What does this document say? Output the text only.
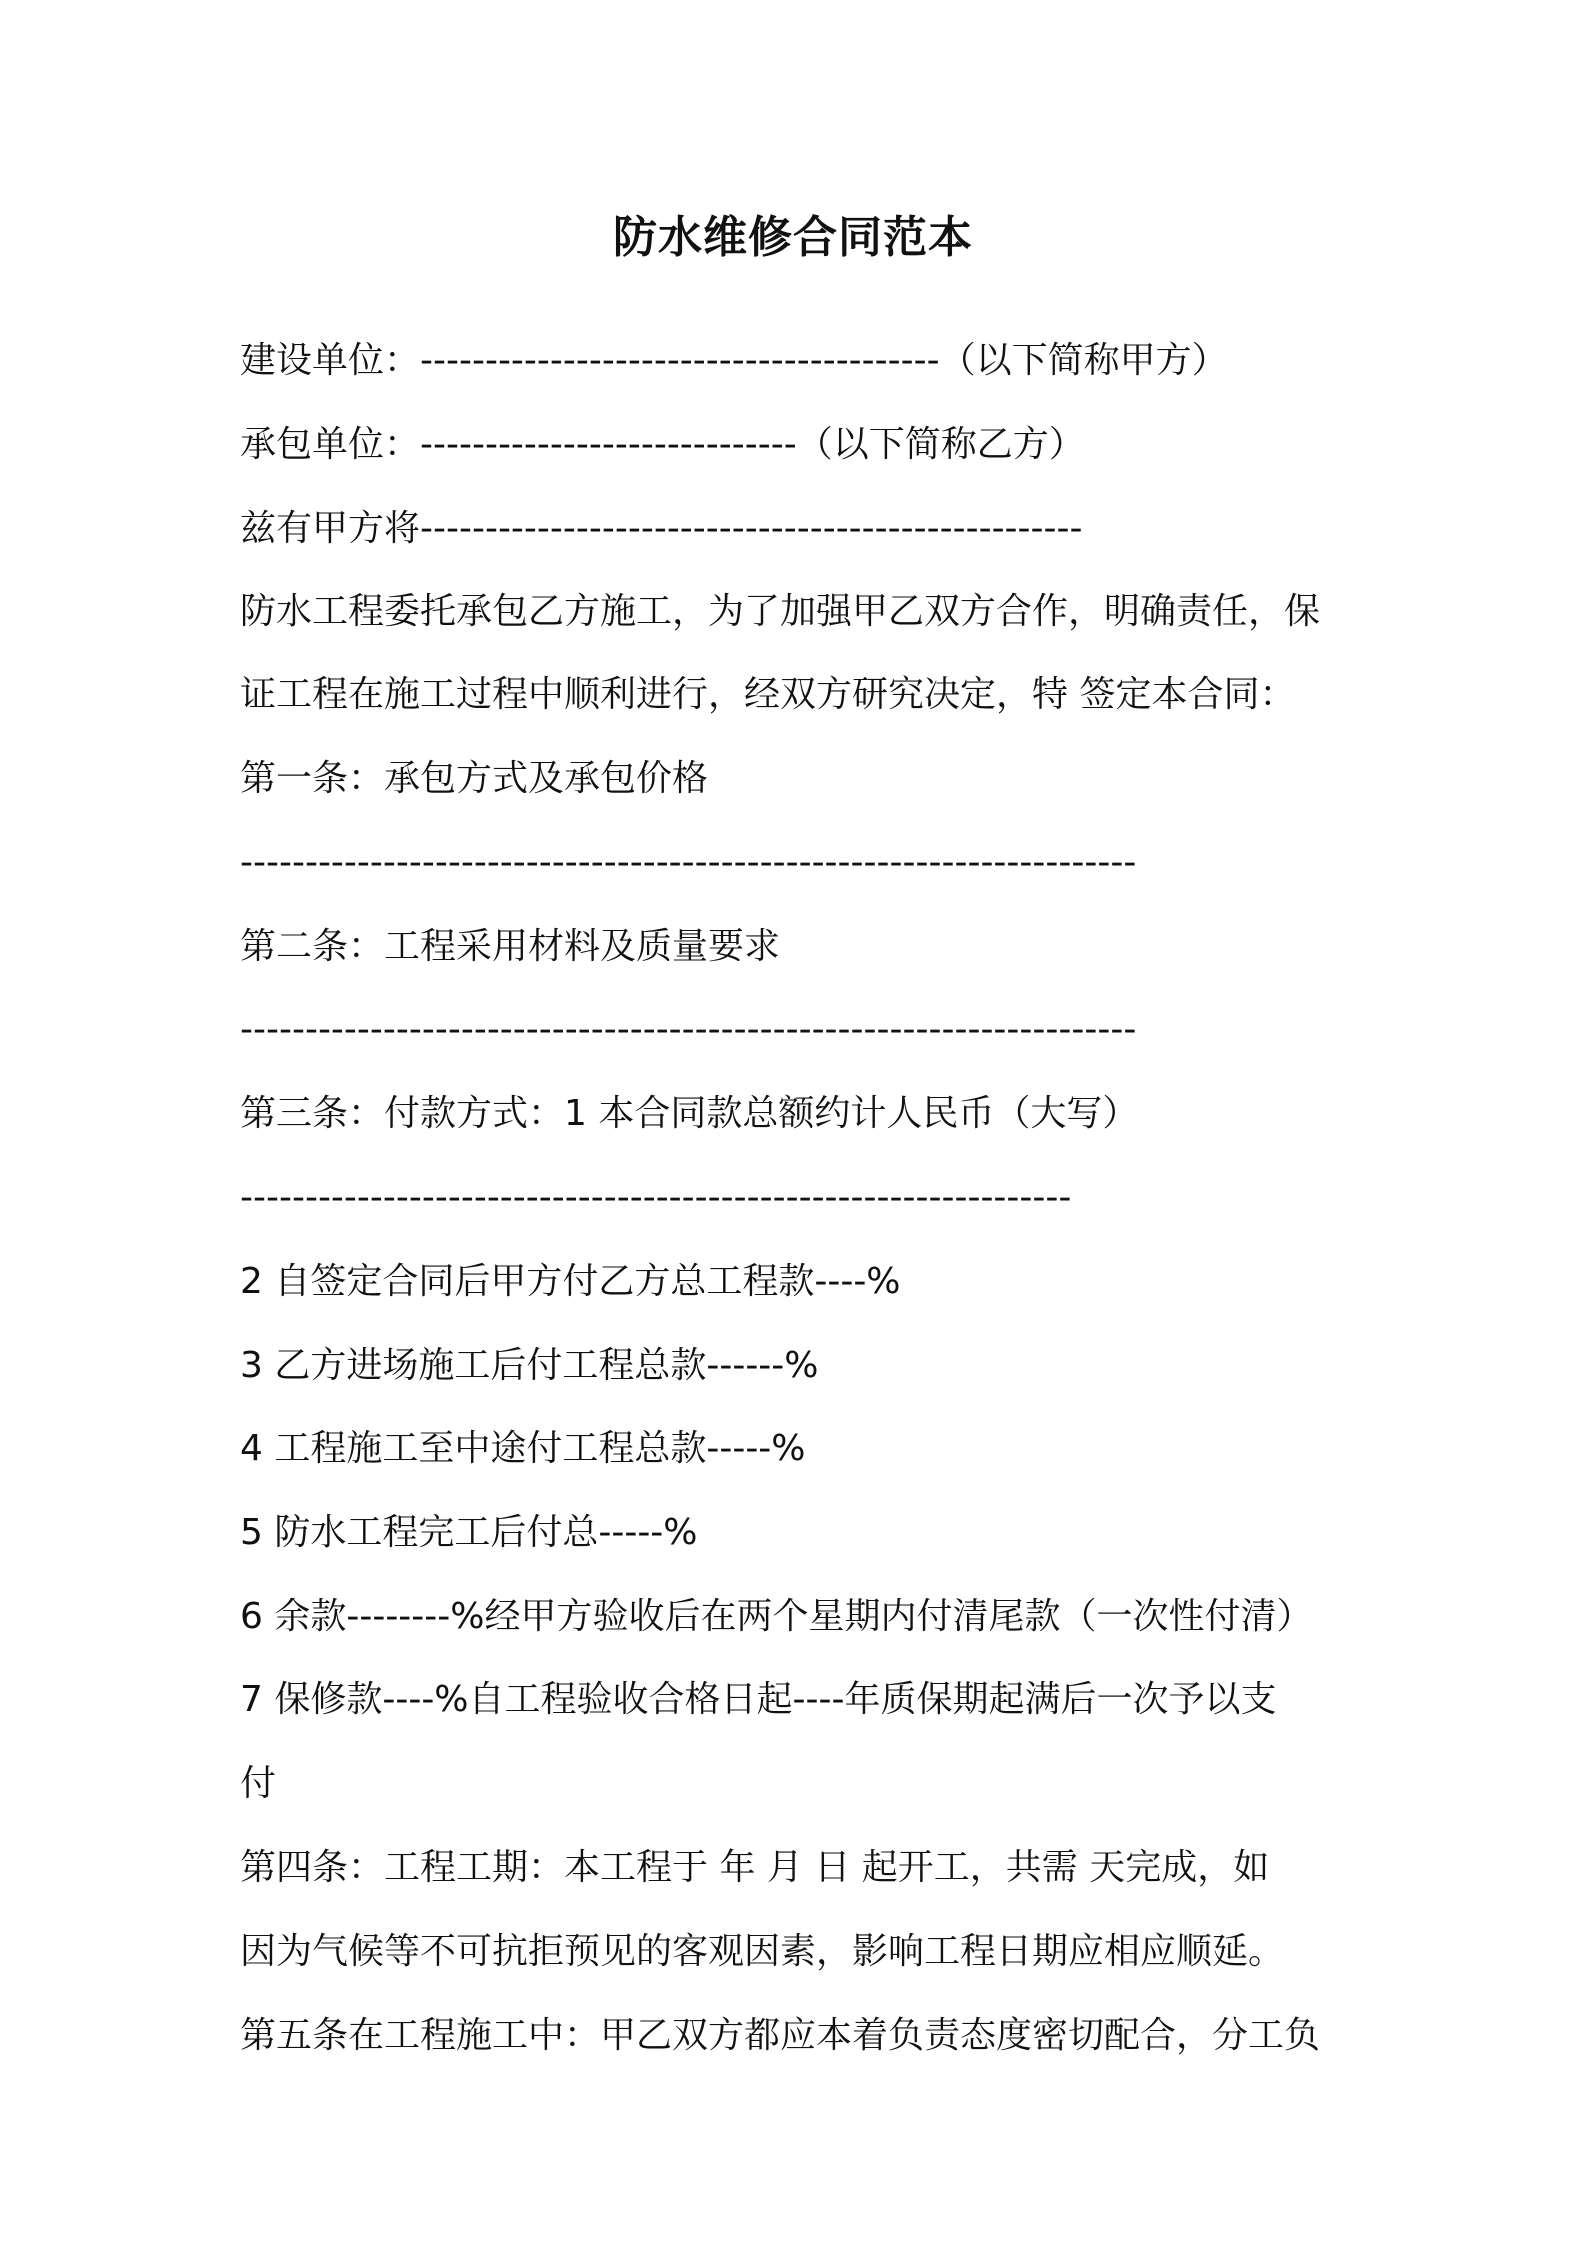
防水维修合同范本
建设单位：----------------------------------------（以下简称甲方）
承包单位：-----------------------------（以下简称乙方）
兹有甲方将---------------------------------------------------
防水工程委托承包乙方施工，为了加强甲乙双方合作，明确责任，保
证工程在施工过程中顺利进行，经双方研究决定，特 签定本合同：
第一条：承包方式及承包价格
---------------------------------------------------------------------
第二条：工程采用材料及质量要求
---------------------------------------------------------------------
第三条：付款方式：1 本合同款总额约计人民币（大写）
----------------------------------------------------------------
2 自签定合同后甲方付乙方总工程款----%
3 乙方进场施工后付工程总款------%
4 工程施工至中途付工程总款-----%
5 防水工程完工后付总-----%
6 余款--------%经甲方验收后在两个星期内付清尾款（一次性付清）
7 保修款----%自工程验收合格日起----年质保期起满后一次予以支
付
第四条：工程工期：本工程于 年 月 日 起开工，共需 天完成，如
因为气候等不可抗拒预见的客观因素，影响工程日期应相应顺延。
第五条在工程施工中：甲乙双方都应本着负责态度密切配合，分工负
